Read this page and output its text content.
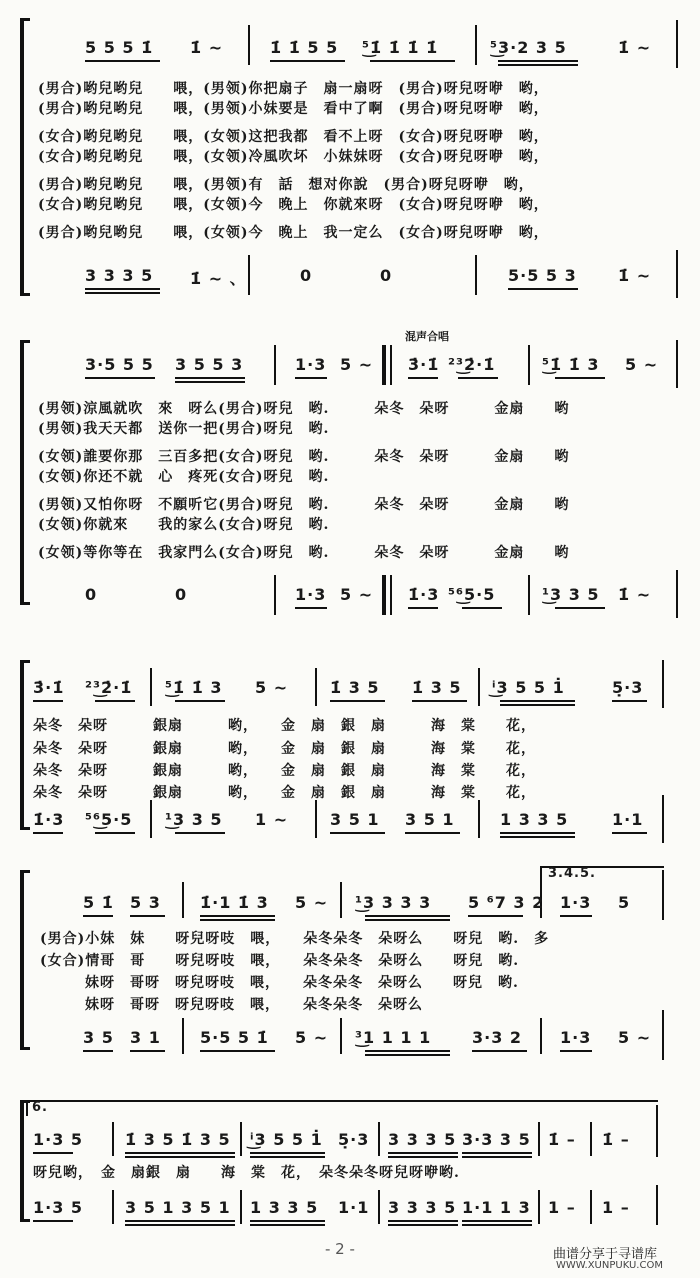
5 5 5 1̇ 1̇ ~	1̇ 1̇ 5 5 ⁵͜1̇ 1̇ 1̇ 1̇	⁵͜3·2 3 5	1̇ ~
(男合)哟兒哟兒　　喂，(男领)你把扇子　扇一扇呀　(男合)呀兒呀咿　哟，
(男合)哟兒哟兒　　喂，(男领)小妹要是　看中了啊　(男合)呀兒呀咿　哟，
(女合)哟兒哟兒　　喂，(女领)这把我都　看不上呀　(女合)呀兒呀咿　哟，
(女合)哟兒哟兒　　喂，(女领)冷風吹坏　小妹妹呀　(女合)呀兒呀咿　哟，
(男合)哟兒哟兒　　喂，(男领)有　話　想对你說　(男合)呀兒呀咿　哟，
(女合)哟兒哟兒　　喂，(女领)今　晚上　你就來呀　(女合)呀兒呀咿　哟，
(男合)哟兒哟兒　　喂，(女领)今　晚上　我一定么　(女合)呀兒呀咿　哟，
3 3 3 5 1̇ ~ 、	0	0	5·5 5 3	1̇ ~
混声合唱
3·5 5 5 3 5 5 3	1·3 5 ~ 3̇·1̇ ²³͜2̇·1̇	⁵͜1̇ 1̇ 3 5 ~
(男领)涼風就吹　來　呀么(男合)呀兒　哟.　　　朵冬　朵呀　　　金扇　　哟
(男领)我天天都　送你一把(男合)呀兒　哟.
(女领)誰要你那　三百多把(女合)呀兒　哟.　　　朵冬　朵呀　　　金扇　　哟
(女领)你还不就　心　疼死(女合)呀兒　哟.
(男领)又怕你呀　不願听它(男合)呀兒　哟.　　　朵冬　朵呀　　　金扇　　哟
(女领)你就來　　我的家么(女合)呀兒　哟.
(女领)等你等在　我家門么(女合)呀兒　哟.　　　朵冬　朵呀　　　金扇　　哟
0	0	1·3 5 ~ 1̇·3 ⁵⁶͜5·5	¹͜3 3 5 1̇ ~
3̇·1̇ ²³͜2̇·1̇ ⁵͜1̇ 1̇ 3 5 ~	1̇ 3 5 1̇ 3 5 ⁱ͜3 5 5 1̇	5̣·3
朵冬　朵呀　　　銀扇　　　哟，　　金　扇　銀　扇　　　海　棠　　花，
朵冬　朵呀　　　銀扇　　　哟，　　金　扇　銀　扇　　　海　棠　　花，
朵冬　朵呀　　　銀扇　　　哟，　　金　扇　銀　扇　　　海　棠　　花，
朵冬　朵呀　　　銀扇　　　哟，　　金　扇　銀　扇　　　海　棠　　花，
1̇·3 ⁵⁶͜5·5 ¹͜3 3 5 1 ~	3 5 1 3 5 1	1 3 3 5	1·1
3.4.5.
5 1̇ 5 3 1̇·1 1̇ 3 5 ~ ¹͜3 3 3 3 5 ⁶7 3 2 1·3 5
(男合)小妹　妹　　呀兒呀吱　喂，　　朵冬朵冬　朵呀么　　呀兒　哟.　多
(女合)情哥　哥　　呀兒呀吱　喂，　　朵冬朵冬　朵呀么　　呀兒　哟.
　　　妹呀　哥呀　呀兒呀吱　喂，　　朵冬朵冬　朵呀么　　呀兒　哟.
　　　妹呀　哥呀　呀兒呀吱　喂，　　朵冬朵冬　朵呀么
3 5 3 1 5·5 5 1̇ 5 ~ ³͜1 1 1 1	3·3 2 1·3 5 ~
6.
1·3 5	1̇ 3 5 1̇ 3 5 ⁱ͜3 5 5 1̇ 5̣·3 3 3 3 5 3·3 3 5 1̇ – 1̇ –
呀兒哟，　金　扇銀　扇　　海　棠　花，　朵冬朵冬呀兒呀咿哟.
1·3 5	3 5 1 3 5 1 1 3 3 5 1·1 3 3 3 5 1·1 1 3 1 – 1 –
- 2 -	曲谱分享于寻谱库
WWW.XUNPUKU.COM
